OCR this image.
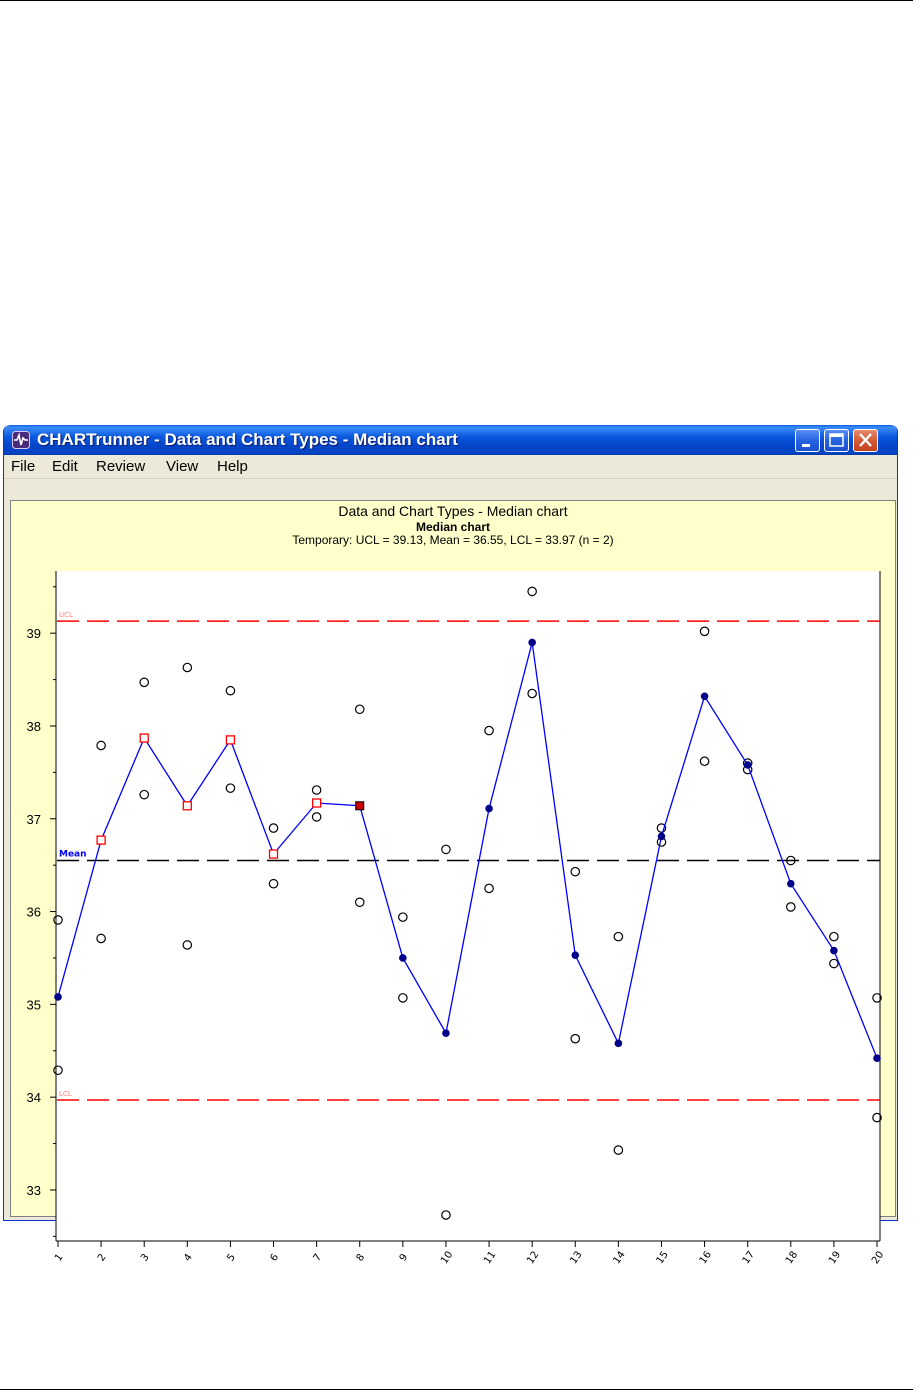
CHARTrunner - Data and Chart Types - Median chart
File Edit Review View Help
Data and Chart Types - Median chart
Median chart
Temporary: UCL = 39.13, Mean = 36.55, LCL = 33.97 (n = 2)
UCL
Mean
LCL
33
34
35
36
37
38
39
1	2	3	4	5	6	7	8	9	10	11	12	13	14	15	16	17	18	19	20
